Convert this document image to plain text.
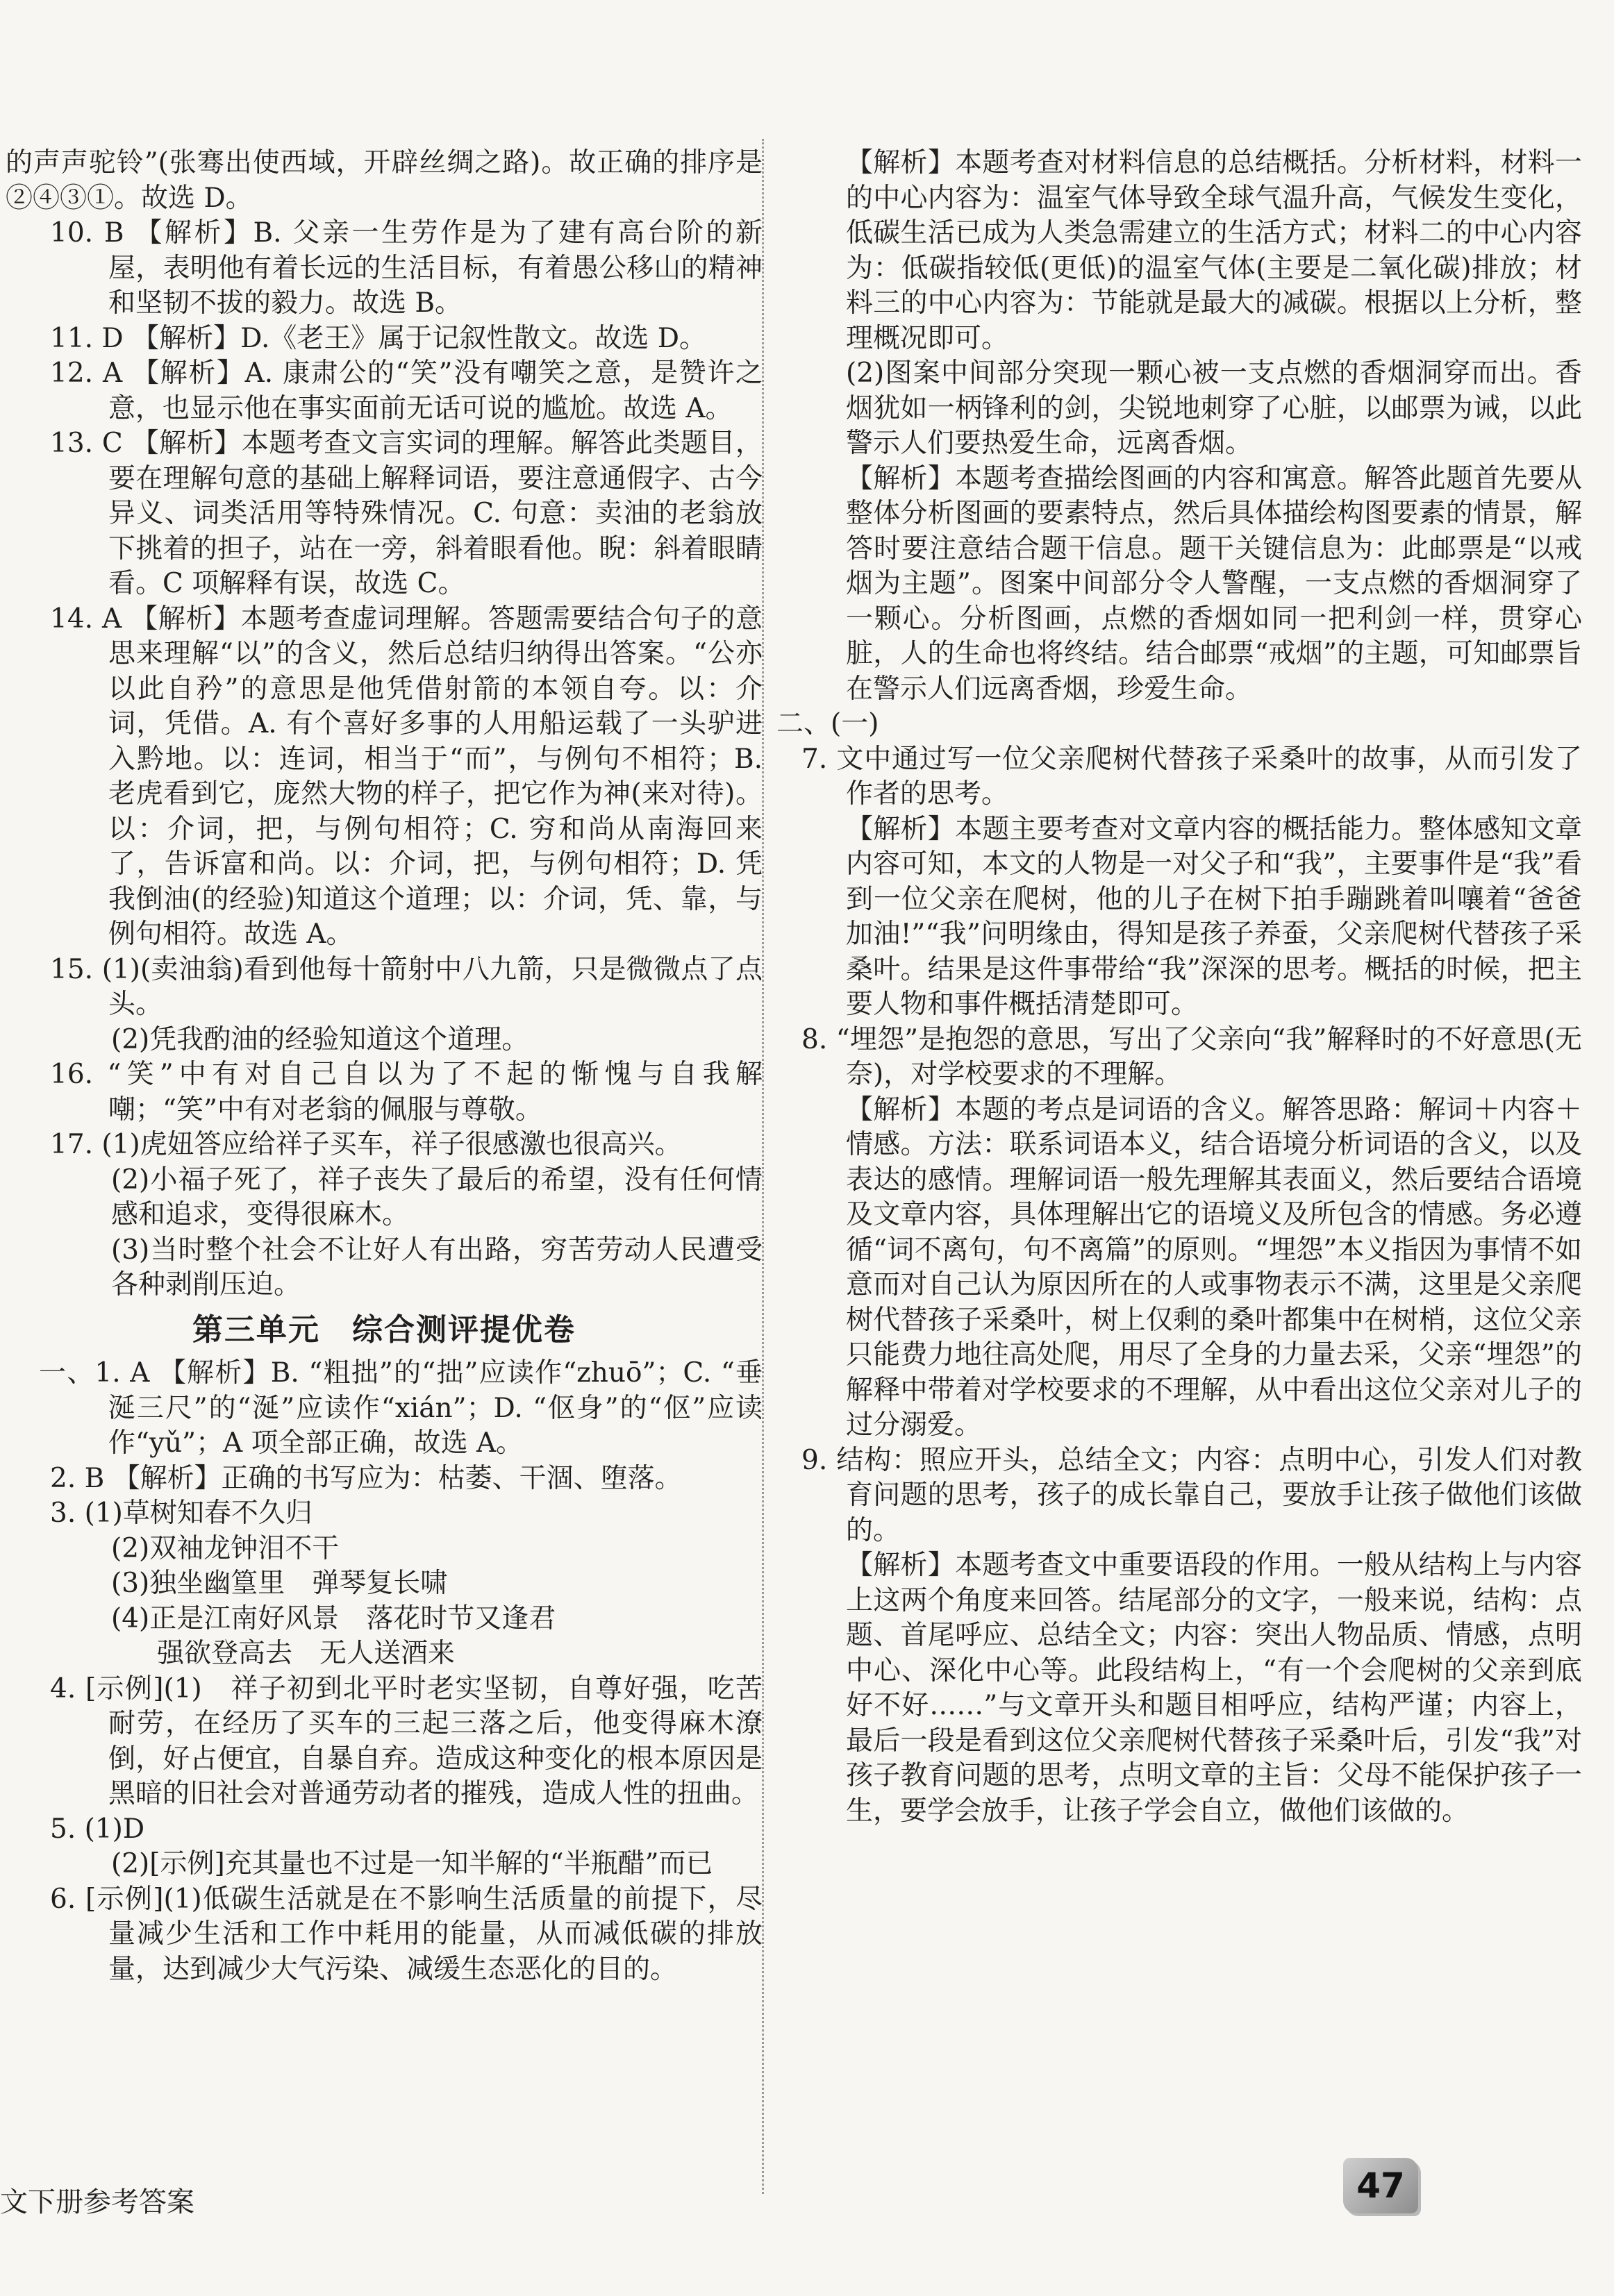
的声声驼铃”(张骞出使西域，开辟丝绸之路)。故正确的排序是②④③①。故选 D。

10. B 【解析】B. 父亲一生劳作是为了建有高台阶的新屋，表明他有着长远的生活目标，有着愚公移山的精神和坚韧不拔的毅力。故选 B。

11. D 【解析】D.《老王》属于记叙性散文。故选 D。

12. A 【解析】A. 康肃公的“笑”没有嘲笑之意，是赞许之意，也显示他在事实面前无话可说的尴尬。故选 A。

13. C 【解析】本题考查文言实词的理解。解答此类题目，要在理解句意的基础上解释词语，要注意通假字、古今异义、词类活用等特殊情况。C. 句意：卖油的老翁放下挑着的担子，站在一旁，斜着眼看他。睨：斜着眼睛看。C 项解释有误，故选 C。

14. A 【解析】本题考查虚词理解。答题需要结合句子的意思来理解“以”的含义，然后总结归纳得出答案。“公亦以此自矜”的意思是他凭借射箭的本领自夸。以：介词，凭借。A. 有个喜好多事的人用船运载了一头驴进入黔地。以：连词，相当于“而”，与例句不相符；B. 老虎看到它，庞然大物的样子，把它作为神(来对待)。以：介词，把，与例句相符；C. 穷和尚从南海回来了，告诉富和尚。以：介词，把，与例句相符；D. 凭我倒油(的经验)知道这个道理；以：介词，凭、靠，与例句相符。故选 A。

15. (1)(卖油翁)看到他每十箭射中八九箭，只是微微点了点头。

(2)凭我酌油的经验知道这个道理。

16. “笑”中有对自己自以为了不起的惭愧与自我解嘲；“笑”中有对老翁的佩服与尊敬。

17. (1)虎妞答应给祥子买车，祥子很感激也很高兴。

(2)小福子死了，祥子丧失了最后的希望，没有任何情感和追求，变得很麻木。

(3)当时整个社会不让好人有出路，穷苦劳动人民遭受各种剥削压迫。

第三单元　综合测评提优卷

一、1. A 【解析】B. “粗拙”的“拙”应读作“zhuō”；C. “垂涎三尺”的“涎”应读作“xián”；D. “伛身”的“伛”应读作“yǔ”；A 项全部正确，故选 A。

2. B 【解析】正确的书写应为：枯萎、干涸、堕落。

3. (1)草树知春不久归

(2)双袖龙钟泪不干

(3)独坐幽篁里　弹琴复长啸

(4)正是江南好风景　落花时节又逢君

强欲登高去　无人送酒来

4. [示例](1)　祥子初到北平时老实坚韧，自尊好强，吃苦耐劳，在经历了买车的三起三落之后，他变得麻木潦倒，好占便宜，自暴自弃。造成这种变化的根本原因是黑暗的旧社会对普通劳动者的摧残，造成人性的扭曲。

5. (1)D

(2)[示例]充其量也不过是一知半解的“半瓶醋”而已

6. [示例](1)低碳生活就是在不影响生活质量的前提下，尽量减少生活和工作中耗用的能量，从而减低碳的排放量，达到减少大气污染、减缓生态恶化的目的。

【解析】本题考查对材料信息的总结概括。分析材料，材料一的中心内容为：温室气体导致全球气温升高，气候发生变化，低碳生活已成为人类急需建立的生活方式；材料二的中心内容为：低碳指较低(更低)的温室气体(主要是二氧化碳)排放；材料三的中心内容为：节能就是最大的减碳。根据以上分析，整理概况即可。

(2)图案中间部分突现一颗心被一支点燃的香烟洞穿而出。香烟犹如一柄锋利的剑，尖锐地刺穿了心脏，以邮票为诫，以此警示人们要热爱生命，远离香烟。

【解析】本题考查描绘图画的内容和寓意。解答此题首先要从整体分析图画的要素特点，然后具体描绘构图要素的情景，解答时要注意结合题干信息。题干关键信息为：此邮票是“以戒烟为主题”。图案中间部分令人警醒，一支点燃的香烟洞穿了一颗心。分析图画，点燃的香烟如同一把利剑一样，贯穿心脏，人的生命也将终结。结合邮票“戒烟”的主题，可知邮票旨在警示人们远离香烟，珍爱生命。

二、(一)

7. 文中通过写一位父亲爬树代替孩子采桑叶的故事，从而引发了作者的思考。

【解析】本题主要考查对文章内容的概括能力。整体感知文章内容可知，本文的人物是一对父子和“我”，主要事件是“我”看到一位父亲在爬树，他的儿子在树下拍手蹦跳着叫嚷着“爸爸加油!”“我”问明缘由，得知是孩子养蚕，父亲爬树代替孩子采桑叶。结果是这件事带给“我”深深的思考。概括的时候，把主要人物和事件概括清楚即可。

8. “埋怨”是抱怨的意思，写出了父亲向“我”解释时的不好意思(无奈)，对学校要求的不理解。

【解析】本题的考点是词语的含义。解答思路：解词＋内容＋情感。方法：联系词语本义，结合语境分析词语的含义，以及表达的感情。理解词语一般先理解其表面义，然后要结合语境及文章内容，具体理解出它的语境义及所包含的情感。务必遵循“词不离句，句不离篇”的原则。“埋怨”本义指因为事情不如意而对自己认为原因所在的人或事物表示不满，这里是父亲爬树代替孩子采桑叶，树上仅剩的桑叶都集中在树梢，这位父亲只能费力地往高处爬，用尽了全身的力量去采，父亲“埋怨”的解释中带着对学校要求的不理解，从中看出这位父亲对儿子的过分溺爱。

9. 结构：照应开头，总结全文；内容：点明中心，引发人们对教育问题的思考，孩子的成长靠自己，要放手让孩子做他们该做的。

【解析】本题考查文中重要语段的作用。一般从结构上与内容上这两个角度来回答。结尾部分的文字，一般来说，结构：点题、首尾呼应、总结全文；内容：突出人物品质、情感，点明中心、深化中心等。此段结构上，“有一个会爬树的父亲到底好不好……”与文章开头和题目相呼应，结构严谨；内容上，最后一段是看到这位父亲爬树代替孩子采桑叶后，引发“我”对孩子教育问题的思考，点明文章的主旨：父母不能保护孩子一生，要学会放手，让孩子学会自立，做他们该做的。

文下册参考答案	47
